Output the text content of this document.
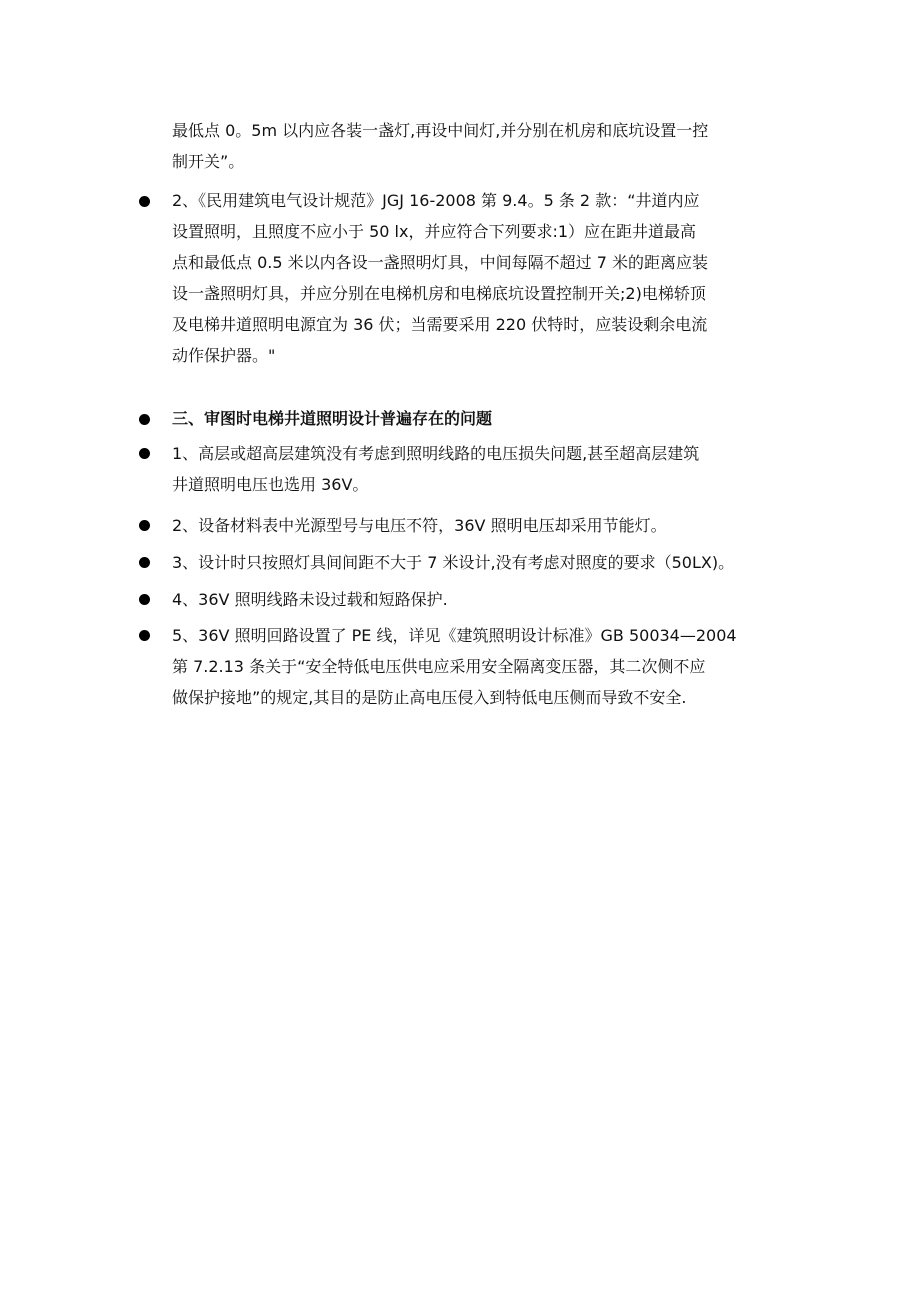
最低点 0。5m 以内应各装一盏灯,再设中间灯,并分别在机房和底坑设置一控
制开关”。
2、《民用建筑电气设计规范》JGJ 16-2008 第 9.4。5 条 2 款：“井道内应
设置照明，且照度不应小于 50 lx，并应符合下列要求:1）应在距井道最高
点和最低点 0.5 米以内各设一盏照明灯具，中间每隔不超过 7 米的距离应装
设一盏照明灯具，并应分别在电梯机房和电梯底坑设置控制开关;2)电梯轿顶
及电梯井道照明电源宜为 36 伏；当需要采用 220 伏特时，应装设剩余电流
动作保护器。"
三、审图时电梯井道照明设计普遍存在的问题
1、高层或超高层建筑没有考虑到照明线路的电压损失问题,甚至超高层建筑
井道照明电压也选用 36V。
2、设备材料表中光源型号与电压不符，36V 照明电压却采用节能灯。
3、设计时只按照灯具间间距不大于 7 米设计,没有考虑对照度的要求（50LX)。
4、36V 照明线路未设过载和短路保护.
5、36V 照明回路设置了 PE 线，详见《建筑照明设计标准》GB 50034—2004
第 7.2.13 条关于“安全特低电压供电应采用安全隔离变压器，其二次侧不应
做保护接地”的规定,其目的是防止高电压侵入到特低电压侧而导致不安全.
